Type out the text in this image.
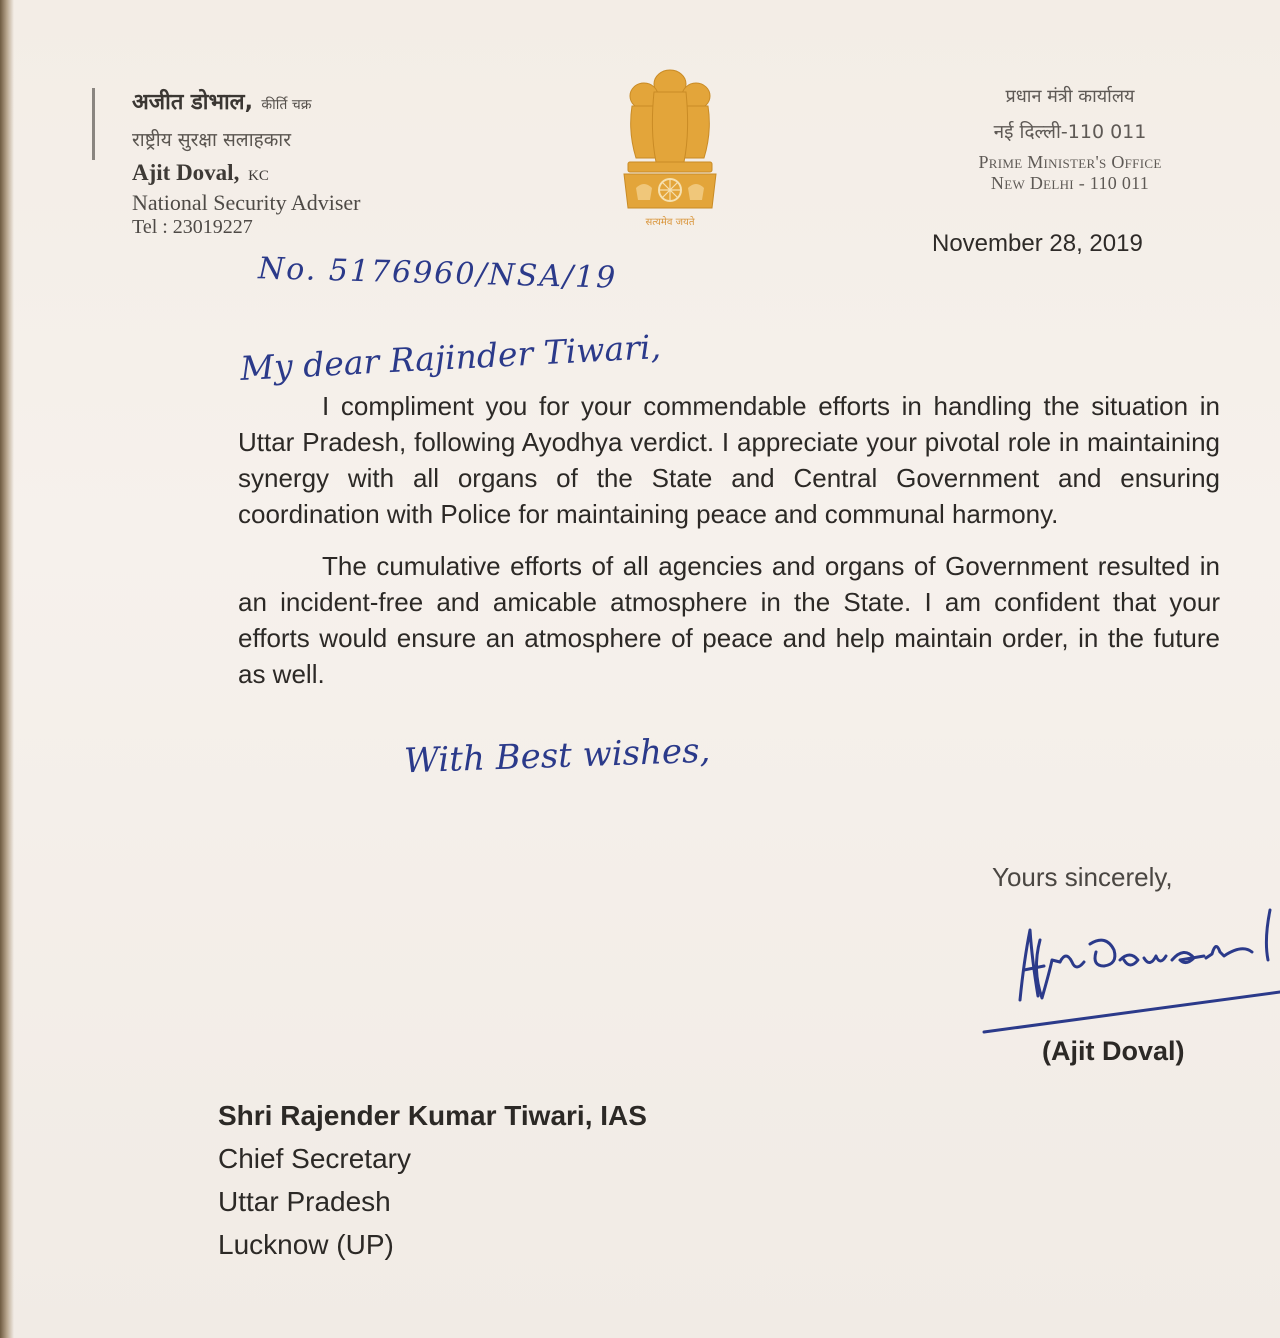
अजीत डोभाल, कीर्ति चक्र
राष्ट्रीय सुरक्षा सलाहकार
Ajit Doval, KC
National Security Adviser
Tel : 23019227	सत्यमेव जयते
प्रधान मंत्री कार्यालय
नई दिल्ली-110 011
Prime Minister's Office
New Delhi - 110 011
November 28, 2019
No. 5176960/NSA/19
My dear Rajinder Tiwari,

I compliment you for your commendable efforts in handling the situation in Uttar Pradesh, following Ayodhya verdict. I appreciate your pivotal role in maintaining synergy with all organs of the State and Central Government and ensuring coordination with Police for maintaining peace and communal harmony.

The cumulative efforts of all agencies and organs of Government resulted in an incident-free and amicable atmosphere in the State. I am confident that your efforts would ensure an atmosphere of peace and help maintain order, in the future as well.

With Best wishes,
Yours sincerely,
(Ajit Doval)
Shri Rajender Kumar Tiwari, IAS
Chief Secretary
Uttar Pradesh
Lucknow (UP)
